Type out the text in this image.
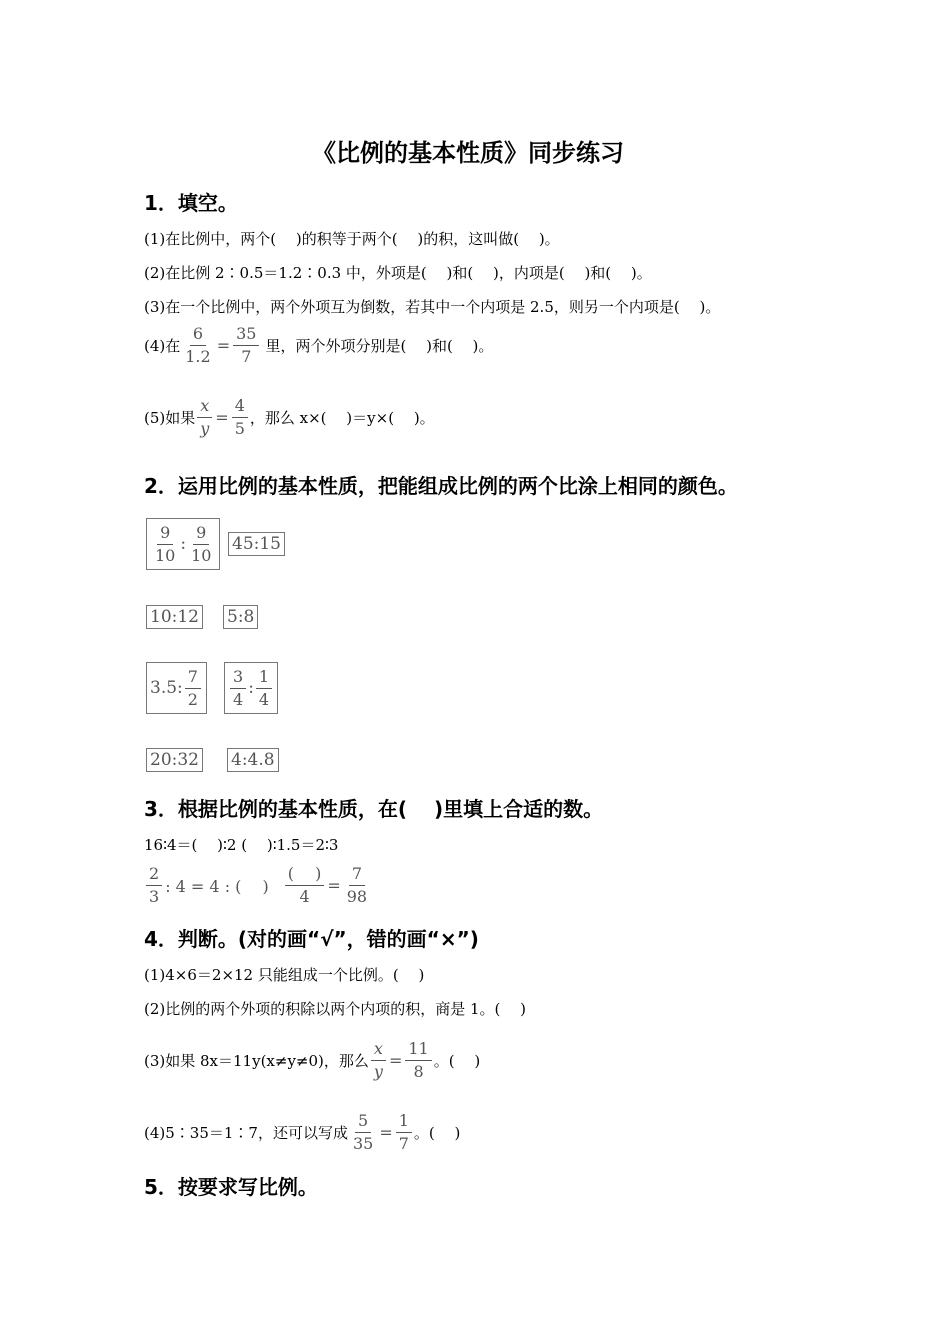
《比例的基本性质》同步练习
1．填空。
(1)在比例中，两个(　 )的积等于两个(　 )的积，这叫做(　 )。
(2)在比例 2∶0.5＝1.2∶0.3 中，外项是(　 )和(　 )，内项是(　 )和(　 )。
(3)在一个比例中，两个外项互为倒数，若其中一个内项是 2.5，则另一个内项是(　 )。
(4)在 $\frac{6}{1.2} = \frac{35}{7}$ 里，两个外项分别是(　 )和(　 )。
(5)如果 $\frac{x}{y} = \frac{4}{5}$ ，那么 x×(　 )＝y×(　 )。
2．运用比例的基本性质，把能组成比例的两个比涂上相同的颜色。
$\frac{9}{10}$ : $\frac{9}{10}$ 45:15
10:12 5:8
3.5: $\frac{7}{2} \frac{3}{4}$ : $\frac{1}{4}$
20:32 4:4.8
3．根据比例的基本性质，在(　 )里填上合适的数。
16∶4＝(　 )∶2 (　 )∶1.5＝2∶3
$\frac{2}{3}$ : 4 = 4 : (　 ) $\frac{( )}{4} = \frac{7}{98}$
4．判断。(对的画“√”，错的画“×”)
(1)4×6＝2×12 只能组成一个比例。(　 )
(2)比例的两个外项的积除以两个内项的积，商是 1。(　 )
(3)如果 8x＝11y(x≠y≠0)，那么 $\frac{x}{y} = \frac{11}{8}$ 。(　 )
(4)5∶35＝1∶7，还可以写成 $\frac{5}{35} = \frac{1}{7}$ 。(　 )
5．按要求写比例。
